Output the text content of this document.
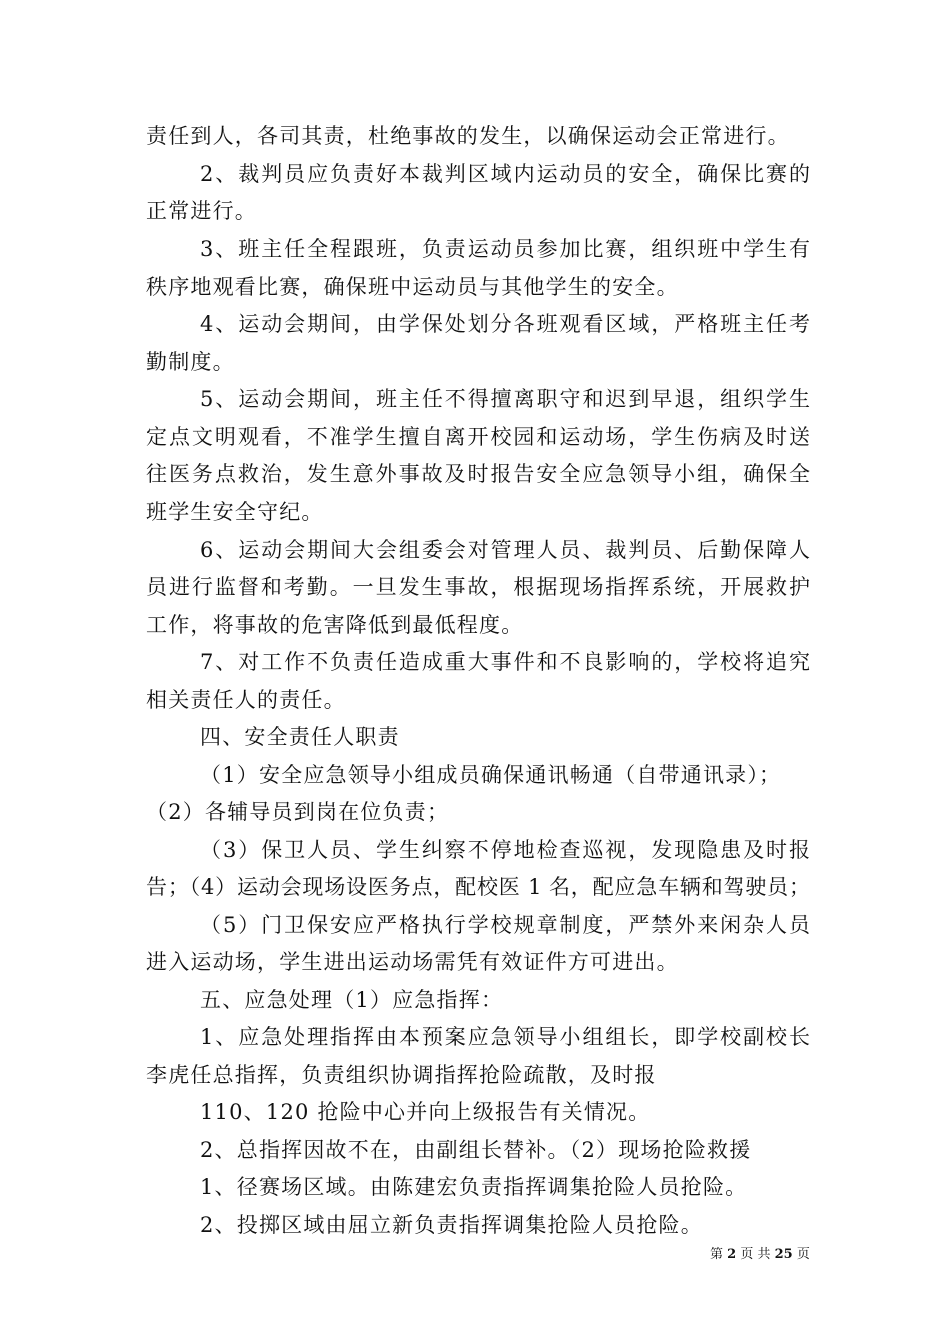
责任到人，各司其责，杜绝事故的发生，以确保运动会正常进行。
2、裁判员应负责好本裁判区域内运动员的安全，确保比赛的
正常进行。
3、班主任全程跟班，负责运动员参加比赛，组织班中学生有
秩序地观看比赛，确保班中运动员与其他学生的安全。
4、运动会期间，由学保处划分各班观看区域，严格班主任考
勤制度。
5、运动会期间，班主任不得擅离职守和迟到早退，组织学生
定点文明观看，不准学生擅自离开校园和运动场，学生伤病及时送
往医务点救治，发生意外事故及时报告安全应急领导小组，确保全
班学生安全守纪。
6、运动会期间大会组委会对管理人员、裁判员、后勤保障人
员进行监督和考勤。一旦发生事故，根据现场指挥系统，开展救护
工作，将事故的危害降低到最低程度。
7、对工作不负责任造成重大事件和不良影响的，学校将追究
相关责任人的责任。
四、安全责任人职责
（1）安全应急领导小组成员确保通讯畅通（自带通讯录）；
（2）各辅导员到岗在位负责；
（3）保卫人员、学生纠察不停地检查巡视，发现隐患及时报
告；（4）运动会现场设医务点，配校医 1 名，配应急车辆和驾驶员；
（5）门卫保安应严格执行学校规章制度，严禁外来闲杂人员
进入运动场，学生进出运动场需凭有效证件方可进出。
五、应急处理（1）应急指挥：
1、应急处理指挥由本预案应急领导小组组长，即学校副校长
李虎任总指挥，负责组织协调指挥抢险疏散，及时报
110、120 抢险中心并向上级报告有关情况。
2、总指挥因故不在，由副组长替补。（2）现场抢险救援
1、径赛场区域。由陈建宏负责指挥调集抢险人员抢险。
2、投掷区域由屈立新负责指挥调集抢险人员抢险。
第 2 页 共 25 页
